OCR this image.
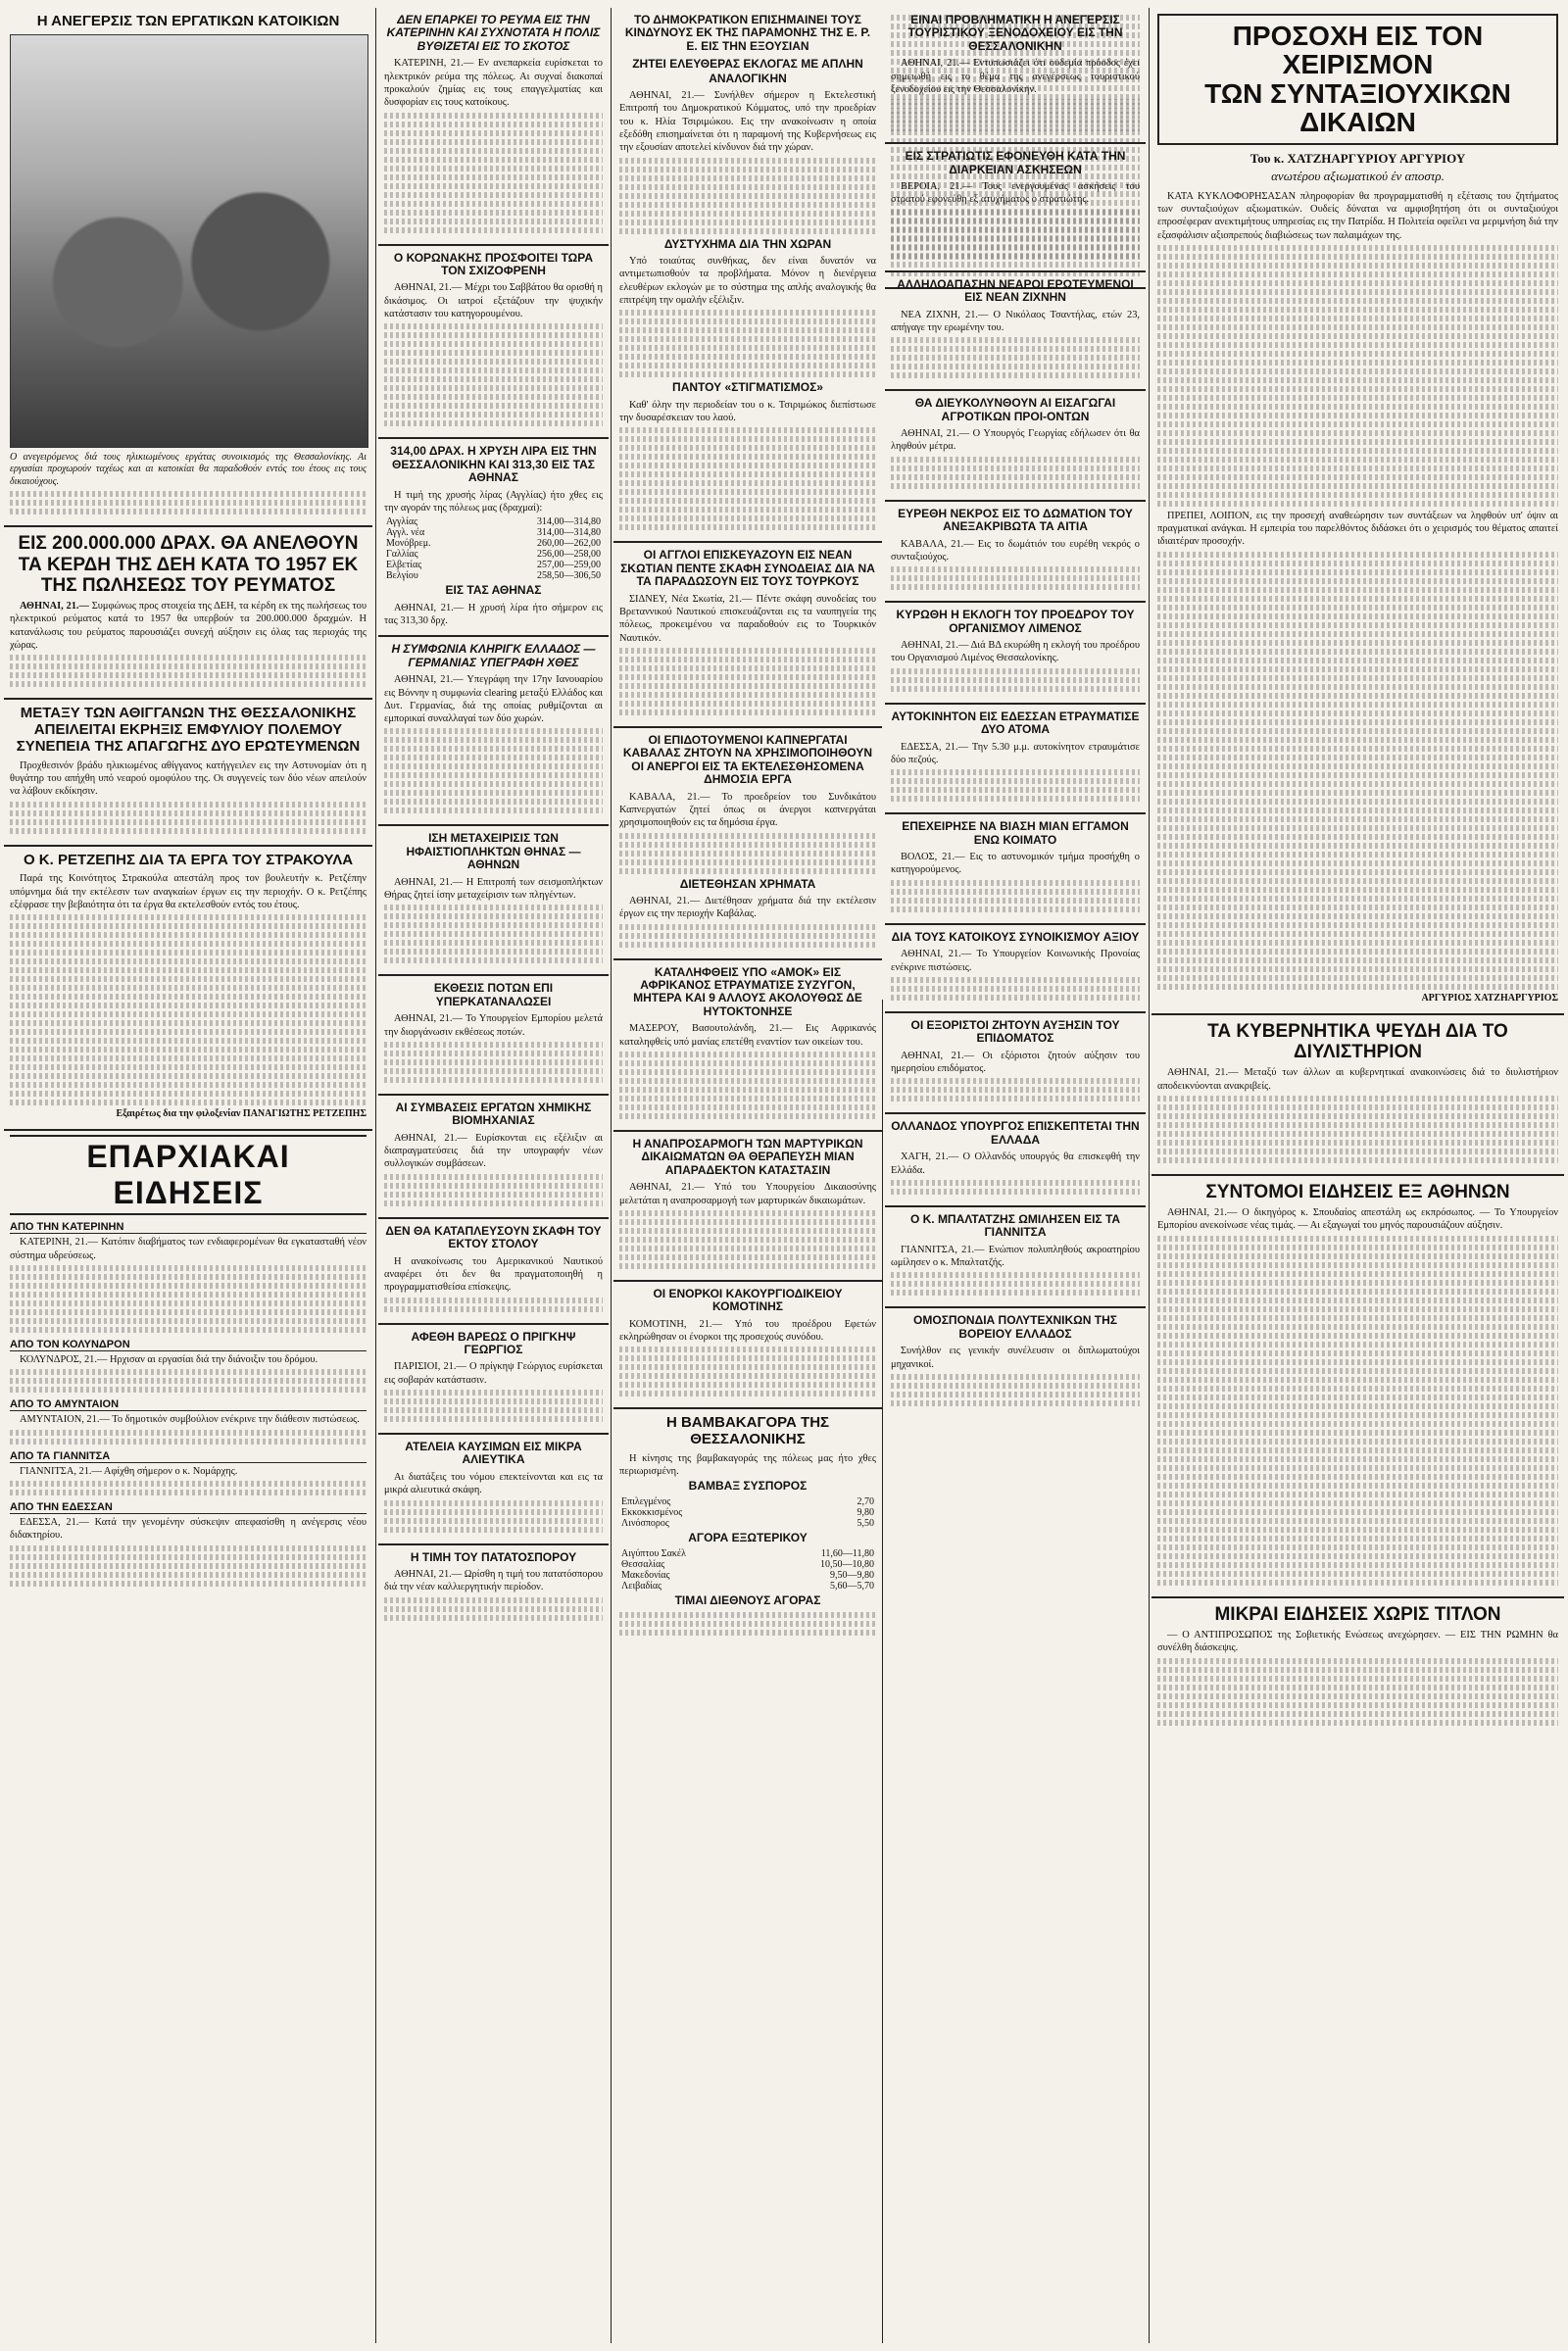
Η ΑΝΕΓΕΡΣΙΣ ΤΩΝ ΕΡΓΑΤΙΚΩΝ ΚΑΤΟΙΚΙΩΝ
Ο ανεγειρόμενος διά τους ηλικιωμένους εργάτας συνοικισμός της Θεσσαλονίκης. Αι εργασίαι προχωρούν ταχέως και αι κατοικίαι θα παραδοθούν εντός του έτους εις τους δικαιούχους.
ΕΙΣ 200.000.000 ΔΡΑΧ. ΘΑ ΑΝΕΛΘΟΥΝ ΤΑ ΚΕΡΔΗ ΤΗΣ ΔΕΗ ΚΑΤΑ ΤΟ 1957 ΕΚ ΤΗΣ ΠΩΛΗΣΕΩΣ ΤΟΥ ΡΕΥΜΑΤΟΣ

ΑΘΗΝΑΙ, 21.— Συμφώνως προς στοιχεία της ΔΕΗ, τα κέρδη εκ της πωλήσεως του ηλεκτρικού ρεύματος κατά το 1957 θα υπερβούν τα 200.000.000 δραχμών. Η κατανάλωσις του ρεύματος παρουσιάζει συνεχή αύξησιν εις όλας τας περιοχάς της χώρας.

ΜΕΤΑΞΥ ΤΩΝ ΑΘΙΓΓΑΝΩΝ ΤΗΣ ΘΕΣΣΑΛΟΝΙΚΗΣ ΑΠΕΙΛΕΙΤΑΙ ΕΚΡΗΞΙΣ ΕΜΦΥΛΙΟΥ ΠΟΛΕΜΟΥ ΣΥΝΕΠΕΙΑ ΤΗΣ ΑΠΑΓΩΓΗΣ ΔΥΟ ΕΡΩΤΕΥΜΕΝΩΝ

Προχθεσινόν βράδυ ηλικιωμένος αθίγγανος κατήγγειλεν εις την Αστυνομίαν ότι η θυγάτηρ του απήχθη υπό νεαρού ομοφύλου της. Οι συγγενείς των δύο νέων απειλούν να λάβουν εκδίκησιν.

Ο Κ. ΡΕΤΖΕΠΗΣ ΔΙΑ ΤΑ ΕΡΓΑ ΤΟΥ ΣΤΡΑΚΟΥΛΑ

Παρά της Κοινότητος Στρακούλα απεστάλη προς τον βουλευτήν κ. Ρετζέπην υπόμνημα διά την εκτέλεσιν των αναγκαίων έργων εις την περιοχήν. Ο κ. Ρετζέπης εξέφρασε την βεβαιότητα ότι τα έργα θα εκτελεσθούν εντός του έτους.

Εξαιρέτως δια την φιλοξενίαν ΠΑΝΑΓΙΩΤΗΣ ΡΕΤΖΕΠΗΣ
ΕΠΑΡΧΙΑΚΑΙ ΕΙΔΗΣΕΙΣ
ΑΠΟ ΤΗΝ ΚΑΤΕΡΙΝΗΝ

ΚΑΤΕΡΙΝΗ, 21.— Κατόπιν διαβήματος των ενδιαφερομένων θα εγκατασταθή νέον σύστημα υδρεύσεως.

ΑΠΟ ΤΟΝ ΚΟΛΥΝΔΡΟΝ

ΚΟΛΥΝΔΡΟΣ, 21.— Ηρχισαν αι εργασίαι διά την διάνοιξιν του δρόμου.

ΑΠΟ ΤΟ ΑΜΥΝΤΑΙΟΝ

ΑΜΥΝΤΑΙΟΝ, 21.— Το δημοτικόν συμβούλιον ενέκρινε την διάθεσιν πιστώσεως.

ΑΠΟ ΤΑ ΓΙΑΝΝΙΤΣΑ

ΓΙΑΝΝΙΤΣΑ, 21.— Αφίχθη σήμερον ο κ. Νομάρχης.

ΑΠΟ ΤΗΝ ΕΔΕΣΣΑΝ

ΕΔΕΣΣΑ, 21.— Κατά την γενομένην σύσκεψιν απεφασίσθη η ανέγερσις νέου διδακτηρίου.

ΔΕΝ ΕΠΑΡΚΕΙ ΤΟ ΡΕΥΜΑ ΕΙΣ ΤΗΝ ΚΑΤΕΡΙΝΗΝ ΚΑΙ ΣΥΧΝΟΤΑΤΑ Η ΠΟΛΙΣ ΒΥΘΙΖΕΤΑΙ ΕΙΣ ΤΟ ΣΚΟΤΟΣ

ΚΑΤΕΡΙΝΗ, 21.— Εν ανεπαρκεία ευρίσκεται το ηλεκτρικόν ρεύμα της πόλεως. Αι συχναί διακοπαί προκαλούν ζημίας εις τους επαγγελματίας και δυσφορίαν εις τους κατοίκους.

Ο ΚΟΡΩΝΑΚΗΣ ΠΡΟΣΦΟΙΤΕΙ ΤΩΡΑ ΤΟΝ ΣΧΙΖΟΦΡΕΝΗ

ΑΘΗΝΑΙ, 21.— Μέχρι του Σαββάτου θα ορισθή η δικάσιμος. Οι ιατροί εξετάζουν την ψυχικήν κατάστασιν του κατηγορουμένου.

314,00 ΔΡΑΧ. Η ΧΡΥΣΗ ΛΙΡΑ ΕΙΣ ΤΗΝ ΘΕΣΣΑΛΟΝΙΚΗΝ ΚΑΙ 313,30 ΕΙΣ ΤΑΣ ΑΘΗΝΑΣ

Η τιμή της χρυσής λίρας (Αγγλίας) ήτο χθες εις την αγοράν της πόλεως μας (δραχμαί):

Αγγλίας	314,00—314,80
Αγγλ. νέα	314,00—314,80
Μονόβρεμ.	260,00—262,00
Γαλλίας	256,00—258,00
Ελβετίας	257,00—259,00
Βελγίου	258,50—306,50
ΕΙΣ ΤΑΣ ΑΘΗΝΑΣ

ΑΘΗΝΑΙ, 21.— Η χρυσή λίρα ήτο σήμερον εις τας 313,30 δρχ.

Η ΣΥΜΦΩΝΙΑ ΚΛΗΡΙΓΚ ΕΛΛΑΔΟΣ — ΓΕΡΜΑΝΙΑΣ ΥΠΕΓΡΑΦΗ ΧΘΕΣ

ΑΘΗΝΑΙ, 21.— Υπεγράφη την 17ην Ιανουαρίου εις Βόννην η συμφωνία clearing μεταξύ Ελλάδος και Δυτ. Γερμανίας, διά της οποίας ρυθμίζονται αι εμπορικαί συναλλαγαί των δύο χωρών.

ΙΣΗ ΜΕΤΑΧΕΙΡΙΣΙΣ ΤΩΝ ΗΦΑΙΣΤΙΟΠΛΗΚΤΩΝ ΘΗΝΑΣ — ΑΘΗΝΩΝ

ΑΘΗΝΑΙ, 21.— Η Επιτροπή των σεισμοπλήκτων Θήρας ζητεί ίσην μεταχείρισιν των πληγέντων.

ΕΚΘΕΣΙΣ ΠΟΤΩΝ ΕΠΙ ΥΠΕΡΚΑΤΑΝΑΛΩΣΕΙ

ΑΘΗΝΑΙ, 21.— Το Υπουργείον Εμπορίου μελετά την διοργάνωσιν εκθέσεως ποτών.

ΑΙ ΣΥΜΒΑΣΕΙΣ ΕΡΓΑΤΩΝ ΧΗΜΙΚΗΣ ΒΙΟΜΗΧΑΝΙΑΣ

ΑΘΗΝΑΙ, 21.— Ευρίσκονται εις εξέλιξιν αι διαπραγματεύσεις διά την υπογραφήν νέων συλλογικών συμβάσεων.

ΔΕΝ ΘΑ ΚΑΤΑΠΛΕΥΣΟΥΝ ΣΚΑΦΗ ΤΟΥ ΕΚΤΟΥ ΣΤΟΛΟΥ

Η ανακοίνωσις του Αμερικανικού Ναυτικού αναφέρει ότι δεν θα πραγματοποιηθή η προγραμματισθείσα επίσκεψις.

ΑΦΕΘΗ ΒΑΡΕΩΣ Ο ΠΡΙΓΚΗΨ ΓΕΩΡΓΙΟΣ

ΠΑΡΙΣΙΟΙ, 21.— Ο πρίγκηψ Γεώργιος ευρίσκεται εις σοβαράν κατάστασιν.

ΑΤΕΛΕΙΑ ΚΑΥΣΙΜΩΝ ΕΙΣ ΜΙΚΡΑ ΑΛΙΕΥΤΙΚΑ

Αι διατάξεις του νόμου επεκτείνονται και εις τα μικρά αλιευτικά σκάφη.

Η ΤΙΜΗ ΤΟΥ ΠΑΤΑΤΟΣΠΟΡΟΥ

ΑΘΗΝΑΙ, 21.— Ωρίσθη η τιμή του πατατόσπορου διά την νέαν καλλιεργητικήν περίοδον.

ΤΟ ΔΗΜΟΚΡΑΤΙΚΟΝ ΕΠΙΣΗΜΑΙΝΕΙ ΤΟΥΣ ΚΙΝΔΥΝΟΥΣ ΕΚ ΤΗΣ ΠΑΡΑΜΟΝΗΣ ΤΗΣ Ε. Ρ. Ε. ΕΙΣ ΤΗΝ ΕΞΟΥΣΙΑΝ
ΖΗΤΕΙ ΕΛΕΥΘΕΡΑΣ ΕΚΛΟΓΑΣ ΜΕ ΑΠΛΗΝ ΑΝΑΛΟΓΙΚΗΝ

ΑΘΗΝΑΙ, 21.— Συνήλθεν σήμερον η Εκτελεστική Επιτροπή του Δημοκρατικού Κόμματος, υπό την προεδρίαν του κ. Ηλία Τσιριμώκου. Εις την ανακοίνωσιν η οποία εξεδόθη επισημαίνεται ότι η παραμονή της Κυβερνήσεως εις την εξουσίαν αποτελεί κίνδυνον διά την χώραν.

ΔΥΣΤΥΧΗΜΑ ΔΙΑ ΤΗΝ ΧΩΡΑΝ

Υπό τοιαύτας συνθήκας, δεν είναι δυνατόν να αντιμετωπισθούν τα προβλήματα. Μόνον η διενέργεια ελευθέρων εκλογών με το σύστημα της απλής αναλογικής θα επιτρέψη την ομαλήν εξέλιξιν.

ΠΑΝΤΟΥ «ΣΤΙΓΜΑΤΙΣΜΟΣ»

Καθ' όλην την περιοδείαν του ο κ. Τσιριμώκος διεπίστωσε την δυσαρέσκειαν του λαού.

ΟΙ ΑΓΓΛΟΙ ΕΠΙΣΚΕΥΑΖΟΥΝ ΕΙΣ ΝΕΑΝ ΣΚΩΤΙΑΝ ΠΕΝΤΕ ΣΚΑΦΗ ΣΥΝΟΔΕΙΑΣ ΔΙΑ ΝΑ ΤΑ ΠΑΡΑΔΩΣΟΥΝ ΕΙΣ ΤΟΥΣ ΤΟΥΡΚΟΥΣ

ΣΙΔΝΕΥ, Νέα Σκωτία, 21.— Πέντε σκάφη συνοδείας του Βρεταννικού Ναυτικού επισκευάζονται εις τα ναυπηγεία της πόλεως, προκειμένου να παραδοθούν εις το Τουρκικόν Ναυτικόν.

ΟΙ ΕΠΙΔΟΤΟΥΜΕΝΟΙ ΚΑΠΝΕΡΓΑΤΑΙ ΚΑΒΑΛΑΣ ΖΗΤΟΥΝ ΝΑ ΧΡΗΣΙΜΟΠΟΙΗΘΟΥΝ ΟΙ ΑΝΕΡΓΟΙ ΕΙΣ ΤΑ ΕΚΤΕΛΕΣΘΗΣΟΜΕΝΑ ΔΗΜΟΣΙΑ ΕΡΓΑ

ΚΑΒΑΛΑ, 21.— Το προεδρείον του Συνδικάτου Καπνεργατών ζητεί όπως οι άνεργοι καπνεργάται χρησιμοποιηθούν εις τα δημόσια έργα.

ΔΙΕΤΕΘΗΣΑΝ ΧΡΗΜΑΤΑ

ΑΘΗΝΑΙ, 21.— Διετέθησαν χρήματα διά την εκτέλεσιν έργων εις την περιοχήν Καβάλας.

ΚΑΤΑΛΗΦΘΕΙΣ ΥΠΟ «ΑΜΟΚ» ΕΙΣ ΑΦΡΙΚΑΝΟΣ ΕΤΡΑΥΜΑΤΙΣΕ ΣΥΖΥΓΟΝ, ΜΗΤΕΡΑ ΚΑΙ 9 ΑΛΛΟΥΣ ΑΚΟΛΟΥΘΩΣ ΔΕ ΗΥΤΟΚΤΟΝΗΣΕ

ΜΑΣΕΡΟΥ, Βασουτολάνδη, 21.— Εις Αφρικανός καταληφθείς υπό μανίας επετέθη εναντίον των οικείων του.

Η ΑΝΑΠΡΟΣΑΡΜΟΓΗ ΤΩΝ ΜΑΡΤΥΡΙΚΩΝ ΔΙΚΑΙΩΜΑΤΩΝ ΘΑ ΘΕΡΑΠΕΥΣΗ ΜΙΑΝ ΑΠΑΡΑΔΕΚΤΟΝ ΚΑΤΑΣΤΑΣΙΝ

ΑΘΗΝΑΙ, 21.— Υπό του Υπουργείου Δικαιοσύνης μελετάται η αναπροσαρμογή των μαρτυρικών δικαιωμάτων.

ΟΙ ΕΝΟΡΚΟΙ ΚΑΚΟΥΡΓΙΟΔΙΚΕΙΟΥ ΚΟΜΟΤΙΝΗΣ

ΚΟΜΟΤΙΝΗ, 21.— Υπό του προέδρου Εφετών εκληρώθησαν οι ένορκοι της προσεχούς συνόδου.

Η ΒΑΜΒΑΚΑΓΟΡΑ ΤΗΣ ΘΕΣΣΑΛΟΝΙΚΗΣ

Η κίνησις της βαμβακαγοράς της πόλεως μας ήτο χθες περιωρισμένη.

ΒΑΜΒΑΞ ΣΥΣΠΟΡΟΣ
Επιλεγμένος	2,70
Εκκοκκισμένος	9,80
Λινόσπορος	5,50
ΑΓΟΡΑ ΕΞΩΤΕΡΙΚΟΥ
Αιγύπτου Σακέλ	11,60—11,80
Θεσσαλίας	10,50—10,80
Μακεδονίας	9,50—9,80
Λειβαδίας	5,60—5,70
ΤΙΜΑΙ ΔΙΕΘΝΟΥΣ ΑΓΟΡΑΣ
ΕΙΝΑΙ ΠΡΟΒΛΗΜΑΤΙΚΗ Η ΑΝΕΓΕΡΣΙΣ ΤΟΥΡΙΣΤΙΚΟΥ ΞΕΝΟΔΟΧΕΙΟΥ ΕΙΣ ΤΗΝ ΘΕΣΣΑΛΟΝΙΚΗΝ

ΑΘΗΝΑΙ, 21.— Εντυπωσιάζει ότι ουδεμία πρόοδος έχει σημειωθή εις το θέμα της ανεγέρσεως τουριστικού ξενοδοχείου εις την Θεσσαλονίκην.

ΕΙΣ ΣΤΡΑΤΙΩΤΙΣ ΕΦΟΝΕΥΘΗ ΚΑΤΑ ΤΗΝ ΔΙΑΡΚΕΙΑΝ ΑΣΚΗΣΕΩΝ

ΒΕΡΟΙΑ, 21.— Τους ενεργουμένας ασκήσεις του στρατού εφονεύθη εξ ατυχήματος ο στρατιώτης.

ΑΛΛΗΛΟΑΠΑΣΗΝ ΝΕΑΡΟΙ ΕΡΩΤΕΥΜΕΝΟΙ ΕΙΣ ΝΕΑΝ ΖΙΧΝΗΝ

ΝΕΑ ΖΙΧΝΗ, 21.— Ο Νικόλαος Τσαντήλας, ετών 23, απήγαγε την ερωμένην του.

ΘΑ ΔΙΕΥΚΟΛΥΝΘΟΥΝ ΑΙ ΕΙΣΑΓΩΓΑΙ ΑΓΡΟΤΙΚΩΝ ΠΡΟΙ-ΟΝΤΩΝ

ΑΘΗΝΑΙ, 21.— Ο Υπουργός Γεωργίας εδήλωσεν ότι θα ληφθούν μέτρα.

ΕΥΡΕΘΗ ΝΕΚΡΟΣ ΕΙΣ ΤΟ ΔΩΜΑΤΙΟΝ ΤΟΥ ΑΝΕΞΑΚΡΙΒΩΤΑ ΤΑ ΑΙΤΙΑ

ΚΑΒΑΛΑ, 21.— Εις το δωμάτιόν του ευρέθη νεκρός ο συνταξιούχος.

ΚΥΡΩΘΗ Η ΕΚΛΟΓΗ ΤΟΥ ΠΡΟΕΔΡΟΥ ΤΟΥ ΟΡΓΑΝΙΣΜΟΥ ΛΙΜΕΝΟΣ

ΑΘΗΝΑΙ, 21.— Διά ΒΔ εκυρώθη η εκλογή του προέδρου του Οργανισμού Λιμένος Θεσσαλονίκης.

ΑΥΤΟΚΙΝΗΤΟΝ ΕΙΣ ΕΔΕΣΣΑΝ ΕΤΡΑΥΜΑΤΙΣΕ ΔΥΟ ΑΤΟΜΑ

ΕΔΕΣΣΑ, 21.— Την 5.30 μ.μ. αυτοκίνητον ετραυμάτισε δύο πεζούς.

ΕΠΕΧΕΙΡΗΣΕ ΝΑ ΒΙΑΣΗ ΜΙΑΝ ΕΓΓΑΜΟΝ ΕΝΩ ΚΟΙΜΑΤΟ

ΒΟΛΟΣ, 21.— Εις το αστυνομικόν τμήμα προσήχθη ο κατηγορούμενος.

ΔΙΑ ΤΟΥΣ ΚΑΤΟΙΚΟΥΣ ΣΥΝΟΙΚΙΣΜΟΥ ΑΞΙΟΥ

ΑΘΗΝΑΙ, 21.— Το Υπουργείον Κοινωνικής Προνοίας ενέκρινε πιστώσεις.

ΟΙ ΕΞΟΡΙΣΤΟΙ ΖΗΤΟΥΝ ΑΥΞΗΣΙΝ ΤΟΥ ΕΠΙΔΟΜΑΤΟΣ

ΑΘΗΝΑΙ, 21.— Οι εξόριστοι ζητούν αύξησιν του ημερησίου επιδόματος.

ΟΛΛΑΝΔΟΣ ΥΠΟΥΡΓΟΣ ΕΠΙΣΚΕΠΤΕΤΑΙ ΤΗΝ ΕΛΛΑΔΑ

ΧΑΓΗ, 21.— Ο Ολλανδός υπουργός θα επισκεφθή την Ελλάδα.

Ο Κ. ΜΠΑΛΤΑΤΖΗΣ ΩΜΙΛΗΣΕΝ ΕΙΣ ΤΑ ΓΙΑΝΝΙΤΣΑ

ΓΙΑΝΝΙΤΣΑ, 21.— Ενώπιον πολυπληθούς ακροατηρίου ωμίλησεν ο κ. Μπαλτατζής.

ΟΜΟΣΠΟΝΔΙΑ ΠΟΛΥΤΕΧΝΙΚΩΝ ΤΗΣ ΒΟΡΕΙΟΥ ΕΛΛΑΔΟΣ

Συνήλθον εις γενικήν συνέλευσιν οι διπλωματούχοι μηχανικοί.

ΠΡΟΣΟΧΗ ΕΙΣ ΤΟΝ ΧΕΙΡΙΣΜΟΝ
ΤΩΝ ΣΥΝΤΑΞΙΟΥΧΙΚΩΝ ΔΙΚΑΙΩΝ
Του κ. ΧΑΤΖΗΑΡΓΥΡΙΟΥ ΑΡΓΥΡΙΟΥ
ανωτέρου αξιωματικού έν αποστρ.

ΚΑΤΑ ΚΥΚΛΟΦΟΡΗΣΑΣΑΝ πληροφορίαν θα προγραμματισθή η εξέτασις του ζητήματος των συνταξιούχων αξιωματικών. Ουδείς δύναται να αμφισβητήση ότι οι συνταξιούχοι επροσέφεραν ανεκτιμήτους υπηρεσίας εις την Πατρίδα. Η Πολιτεία οφείλει να μεριμνήση διά την εξασφάλισιν αξιοπρεπούς διαβιώσεως των παλαιμάχων της.

ΠΡΕΠΕΙ, ΛΟΙΠΟΝ, εις την προσεχή αναθεώρησιν των συντάξεων να ληφθούν υπ' όψιν αι πραγματικαί ανάγκαι. Η εμπειρία του παρελθόντος διδάσκει ότι ο χειρισμός του θέματος απαιτεί ιδιαιτέραν προσοχήν.

ΑΡΓΥΡΙΟΣ ΧΑΤΖΗΑΡΓΥΡΙΟΣ
ΤΑ ΚΥΒΕΡΝΗΤΙΚΑ ΨΕΥΔΗ ΔΙΑ ΤΟ ΔΙΥΛΙΣΤΗΡΙΟΝ

ΑΘΗΝΑΙ, 21.— Μεταξύ των άλλων αι κυβερνητικαί ανακοινώσεις διά το διυλιστήριον αποδεικνύονται ανακριβείς.

ΣΥΝΤΟΜΟΙ ΕΙΔΗΣΕΙΣ ΕΞ ΑΘΗΝΩΝ

ΑΘΗΝΑΙ, 21.— Ο δικηγόρος κ. Σπουδαίος απεστάλη ως εκπρόσωπος. — Το Υπουργείον Εμπορίου ανεκοίνωσε νέας τιμάς. — Αι εξαγωγαί του μηνός παρουσιάζουν αύξησιν.

ΜΙΚΡΑΙ ΕΙΔΗΣΕΙΣ ΧΩΡΙΣ ΤΙΤΛΟΝ

— Ο ΑΝΤΙΠΡΟΣΩΠΟΣ της Σοβιετικής Ενώσεως ανεχώρησεν. — ΕΙΣ ΤΗΝ ΡΩΜΗΝ θα συνέλθη διάσκεψις.
